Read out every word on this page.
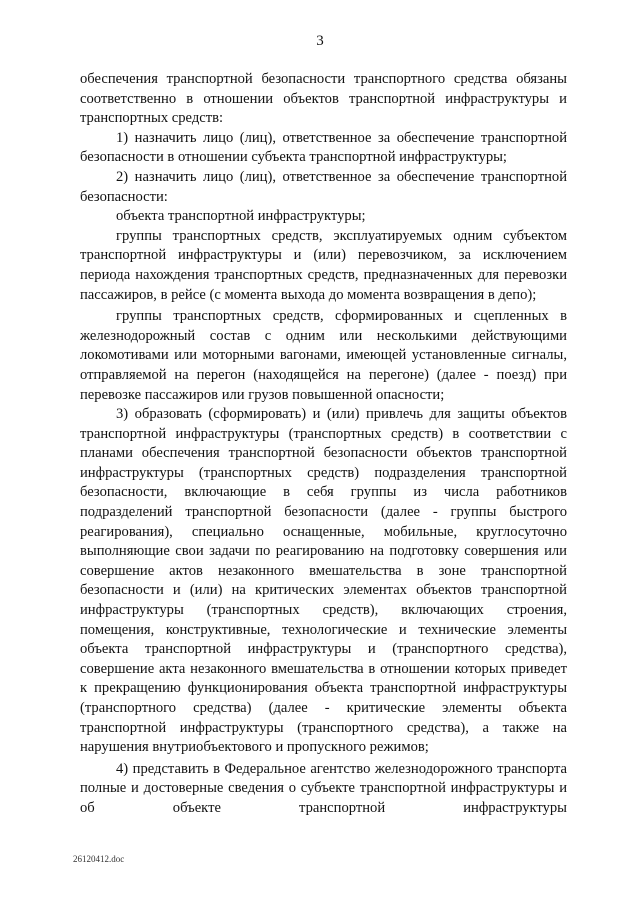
3

обеспечения транспортной безопасности транспортного средства обязаны соответственно в отношении объектов транспортной инфраструктуры и транспортных средств:

1) назначить лицо (лиц), ответственное за обеспечение транспортной безопасности в отношении субъекта транспортной инфраструктуры;

2) назначить лицо (лиц), ответственное за обеспечение транспортной безопасности:

объекта транспортной инфраструктуры;

группы транспортных средств, эксплуатируемых одним субъектом транспортной инфраструктуры и (или) перевозчиком, за исключением периода нахождения транспортных средств, предназначенных для перевозки пассажиров, в рейсе (с момента выхода до момента возвращения в депо);

группы транспортных средств, сформированных и сцепленных в железнодорожный состав с одним или несколькими действующими локомотивами или моторными вагонами, имеющей установленные сигналы, отправляемой на перегон (находящейся на перегоне) (далее - поезд) при перевозке пассажиров или грузов повышенной опасности;

3) образовать (сформировать) и (или) привлечь для защиты объектов транспортной инфраструктуры (транспортных средств) в соответствии с планами обеспечения транспортной безопасности объектов транспортной инфраструктуры (транспортных средств) подразделения транспортной безопасности, включающие в себя группы из числа работников подразделений транспортной безопасности (далее - группы быстрого реагирования), специально оснащенные, мобильные, круглосуточно выполняющие свои задачи по реагированию на подготовку совершения или совершение актов незаконного вмешательства в зоне транспортной безопасности и (или) на критических элементах объектов транспортной инфраструктуры (транспортных средств), включающих строения, помещения, конструктивные, технологические и технические элементы объекта транспортной инфраструктуры и (транспортного средства), совершение акта незаконного вмешательства в отношении которых приведет к прекращению функционирования объекта транспортной инфраструктуры (транспортного средства) (далее - критические элементы объекта транспортной инфраструктуры (транспортного средства), а также на нарушения внутриобъектового и пропускного режимов;

4) представить в Федеральное агентство железнодорожного транспорта полные и достоверные сведения о субъекте транспортной инфраструктуры и об объекте транспортной инфраструктуры

26120412.doc
